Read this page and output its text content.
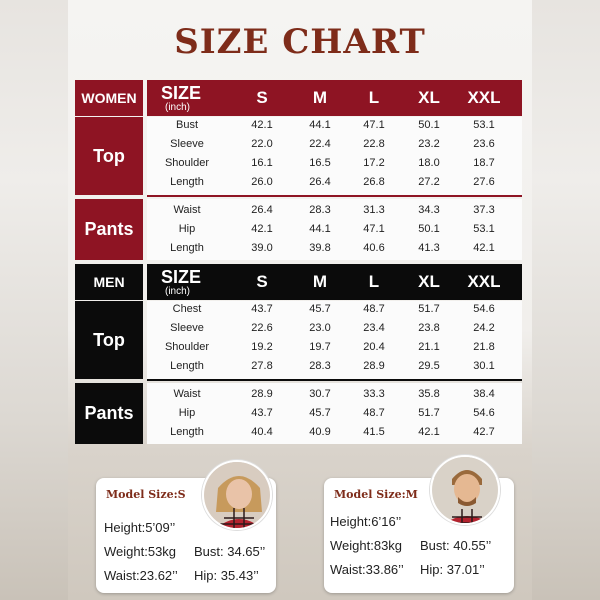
SIZE CHART
WOMEN	SIZE
(inch)
S	M	L	XL	XXL
Top
Bust	42.1	44.1	47.1	50.1	53.1
Sleeve	22.0	22.4	22.8	23.2	23.6
Shoulder	16.1	16.5	17.2	18.0	18.7
Length	26.0	26.4	26.8	27.2	27.6
Pants
Waist	26.4	28.3	31.3	34.3	37.3
Hip	42.1	44.1	47.1	50.1	53.1
Length	39.0	39.8	40.6	41.3	42.1
MEN	SIZE
(inch)
S	M	L	XL	XXL
Top
Chest	43.7	45.7	48.7	51.7	54.6
Sleeve	22.6	23.0	23.4	23.8	24.2
Shoulder	19.2	19.7	20.4	21.1	21.8
Length	27.8	28.3	28.9	29.5	30.1
Pants
Waist	28.9	30.7	33.3	35.8	38.4
Hip	43.7	45.7	48.7	51.7	54.6
Length	40.4	40.9	41.5	42.1	42.7
Model Size:S
Height:5’09’’
Weight:53kg
Waist:23.62’’
Bust: 34.65’’
Hip: 35.43’’
Model Size:M
Height:6’16’’
Weight:83kg
Waist:33.86’’
Bust: 40.55’’
Hip: 37.01’’
